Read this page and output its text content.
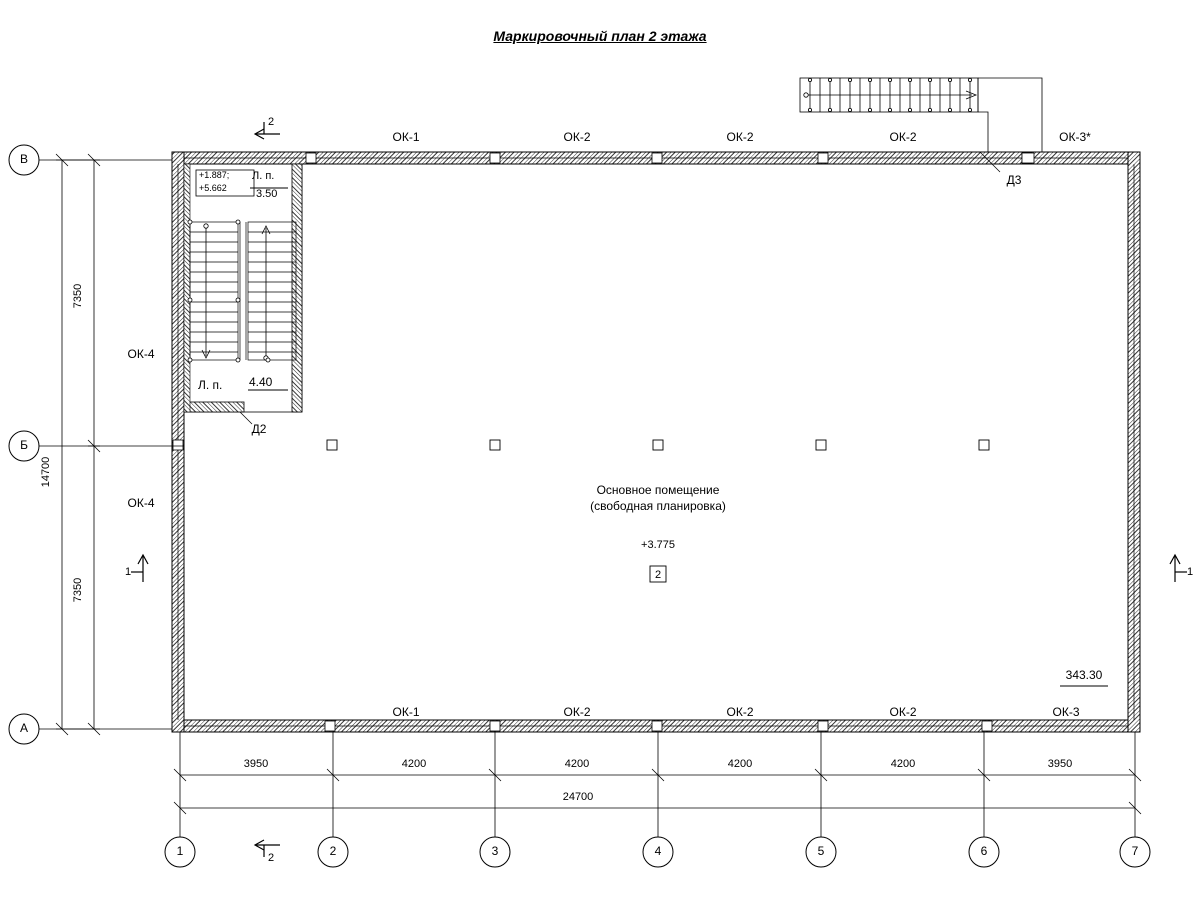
Маркировочный план 2 этажа
Основное помещение
(свободная планировка)
+3.775
2
343.30
+1.887;
+5.662
Л. п.
3.50
Л. п. 4.40
Д2
Д3
ОК-1	ОК-2	ОК-2	ОК-2	ОК-3*
ОК-1	ОК-2	ОК-2	ОК-2	ОК-3
ОК-4
ОК-4
В
Б
А
1	2	3	4	5	6	7
3950	4200	4200	4200	4200	3950
24700
7350
7350
14700
2
2
1	1
